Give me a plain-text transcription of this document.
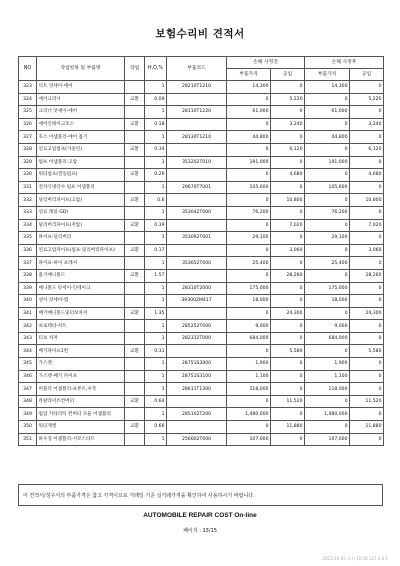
보험수리비 견적서
NO	작업항목 및 부품명	작업	H,Q,%	부품코드	손해 사정전		손해 사정후	
					부품가격	공임	부품가격	공임
323	덕트 앗세이-에어		1	28210T1210	14,300	0	14,300	0
324	에어크리너	교환	0.09		0	5,220	0	5,220
325	크리너 앗세이-에어		1	28110T1220	61,000	0	61,000	0
326	에어인테이크호스	교환	0.18		0	3,240	0	3,240
327	호스 어셈블리-에어 흡기		1	28130T1210	44,800	0	44,800	0
328	연료고압펌프(가솔린)	교환	0.34		0	6,120	0	6,120
329	펌프 어셈블리-고압		1	353202T010	191,000	0	191,000	0
330	워터펌프(전동펌프)	교환	0.26		0	4,680	0	4,680
331	전자식냉각수 펌프 어셈블리		1	29670T7001	105,600	0	105,600	0
332	딜리버리파이프(고압)	교환	0.6		0	10,800	0	10,800
333	연료 레일-GDI		1	353042T000	76,200	0	76,200	0
334	딜리버리파이프(저압)	교환	0.39		0	7,020	0	7,020
335	파이프-딜리버리		1	353092T001	29,100	0	29,100	0
336	연료고압파이프(펌프-딜리버리파이프)	교환	0.17		0	3,060	0	3,060
337	파이프-하이 프레셔		1	353652T000	25,400	0	25,400	0
338	흡기매니폴드	교환	1.57		0	28,260	0	28,260
339	매니폴드 앗세이-인테이크		1	28310T2000	175,000	0	175,000	0
340	센서 앗세이-맵		1	393002M417	18,000	0	18,000	0
341	배기매니폴드및터보차저	교환	1.35		0	24,300	0	24,300
342	프로텍터-히트		1	285252T000	9,000	0	9,000	0
343	터보 차저		1	282312T000	684,000	0	684,000	0
344	배기파이프1번	교환	0.31		0	5,580	0	5,580
345	가스켓		1	28751S3000	1,900	0	1,900	0
346	가스켓-배기 파이프		1	28751S3100	1,100	0	1,100	0
347	머플러 어셈블리-프론트,우측		1	28611T1300	118,000	0	118,000	0
348	라탈라이즈컨버터	교환	0.64		0	11,520	0	11,520
349	웜업 카타리틱 컨버터 모듈 어셈블리		1	285102T200	1,480,000	0	1,480,000	0
350	워터재켓	교환	0.66		0	11,880	0	11,880
351	하우징 어셈블리-서모스타트		1	256002T000	107,000	0	107,000	0
이 견적서/청구서의 부품가격은 참고 가격이므로 거래일 기준 실거래가격을 확인하여 사용하시기 바랍니다.
AUTOMOBILE REPAIR COST On-line
페이지 : 13/15
2023-10-05 오전 10:58 127.0.0.1
